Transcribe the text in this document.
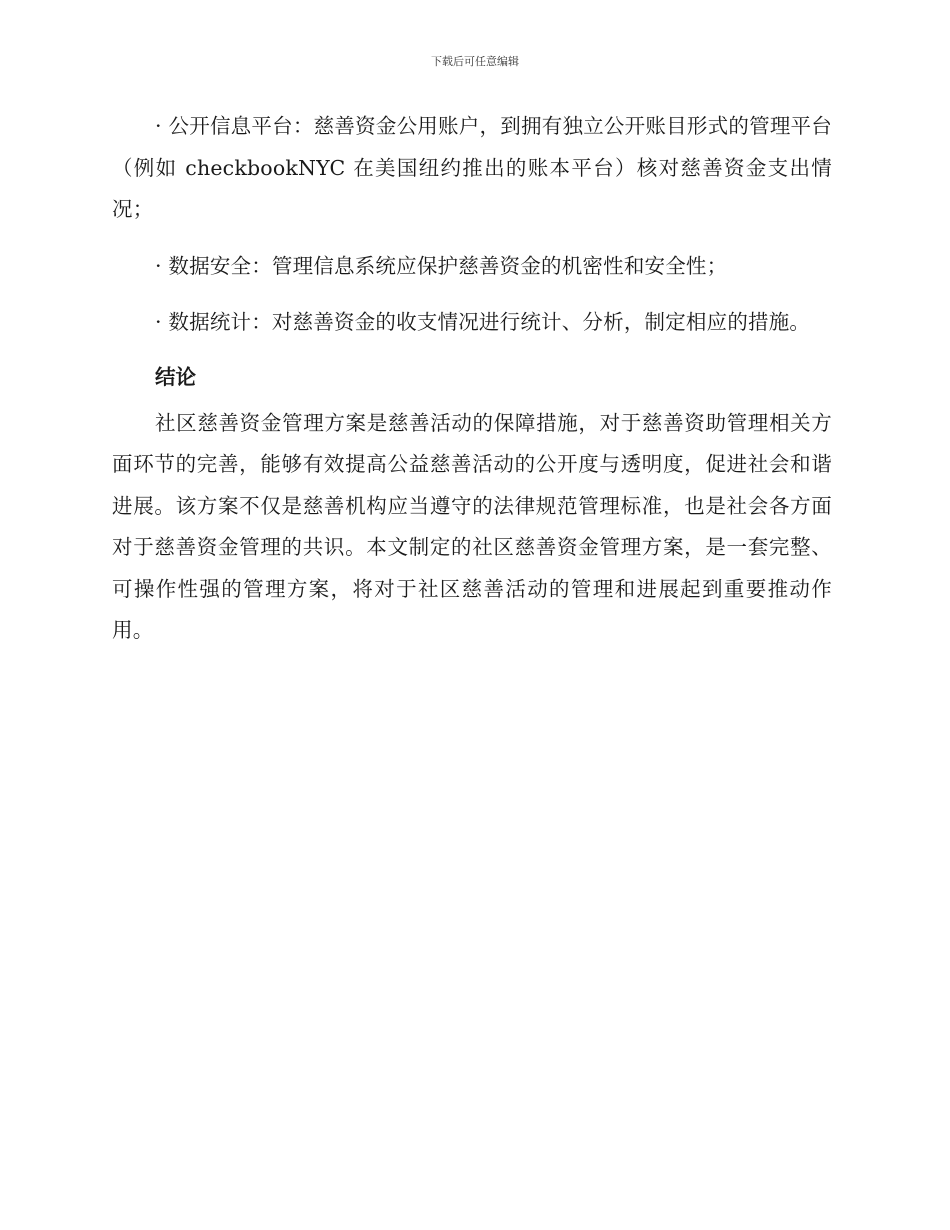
下载后可任意编辑

· 公开信息平台：慈善资金公用账户，到拥有独立公开账目形式的管理平台（例如 checkbookNYC 在美国纽约推出的账本平台）核对慈善资金支出情况；

· 数据安全：管理信息系统应保护慈善资金的机密性和安全性；

· 数据统计：对慈善资金的收支情况进行统计、分析，制定相应的措施。

结论

社区慈善资金管理方案是慈善活动的保障措施，对于慈善资助管理相关方面环节的完善，能够有效提高公益慈善活动的公开度与透明度，促进社会和谐进展。该方案不仅是慈善机构应当遵守的法律规范管理标准，也是社会各方面对于慈善资金管理的共识。本文制定的社区慈善资金管理方案，是一套完整、可操作性强的管理方案，将对于社区慈善活动的管理和进展起到重要推动作用。
